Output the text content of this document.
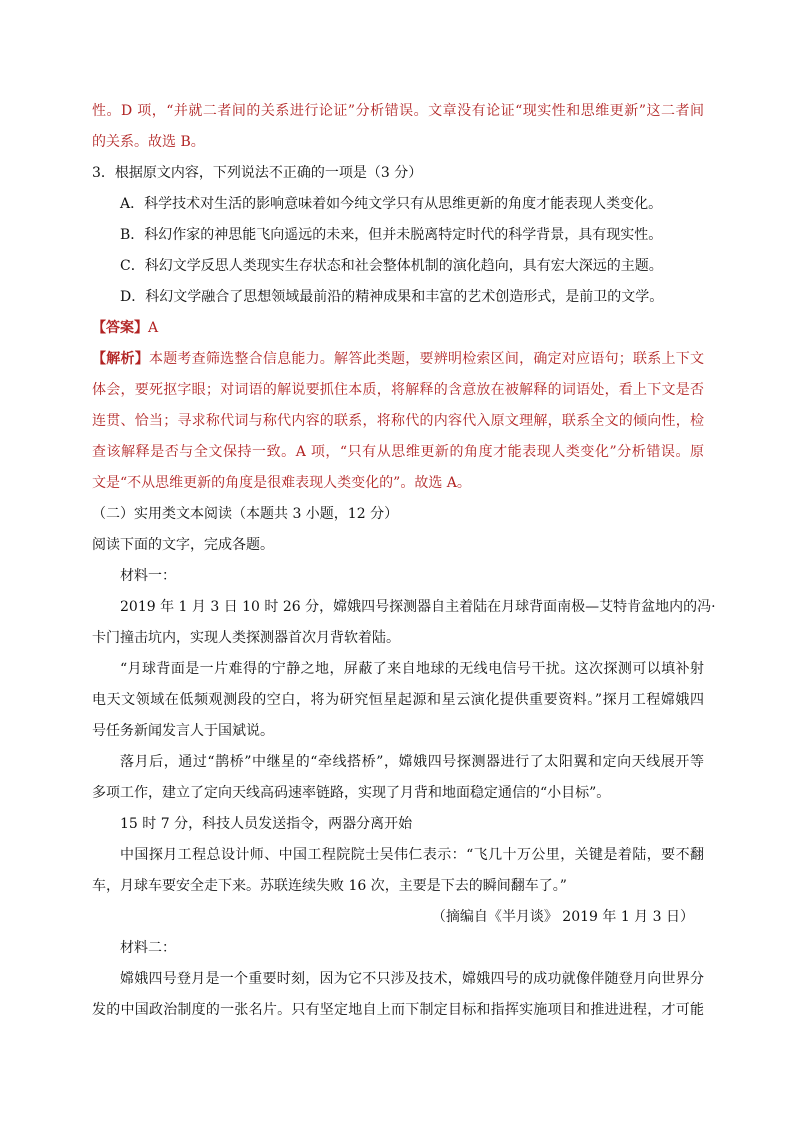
性。D 项，“并就二者间的关系进行论证”分析错误。文章没有论证“现实性和思维更新”这二者间
的关系。故选 B。
3．根据原文内容，下列说法不正确的一项是（3 分）
A．科学技术对生活的影响意味着如今纯文学只有从思维更新的角度才能表现人类变化。
B．科幻作家的神思能飞向遥远的未来，但并未脱离特定时代的科学背景，具有现实性。
C．科幻文学反思人类现实生存状态和社会整体机制的演化趋向，具有宏大深远的主题。
D．科幻文学融合了思想领域最前沿的精神成果和丰富的艺术创造形式，是前卫的文学。
【答案】A
【解析】本题考查筛选整合信息能力。解答此类题，要辨明检索区间，确定对应语句；联系上下文
体会，要死抠字眼；对词语的解说要抓住本质，将解释的含意放在被解释的词语处，看上下文是否
连贯、恰当；寻求称代词与称代内容的联系，将称代的内容代入原文理解，联系全文的倾向性，检
查该解释是否与全文保持一致。A 项，“只有从思维更新的角度才能表现人类变化”分析错误。原
文是“不从思维更新的角度是很难表现人类变化的”。故选 A。
（二）实用类文本阅读（本题共 3 小题，12 分）
阅读下面的文字，完成各题。
材料一：
2019 年 1 月 3 日 10 时 26 分，嫦娥四号探测器自主着陆在月球背面南极—艾特肯盆地内的冯·
卡门撞击坑内，实现人类探测器首次月背软着陆。
“月球背面是一片难得的宁静之地，屏蔽了来自地球的无线电信号干扰。这次探测可以填补射
电天文领域在低频观测段的空白，将为研究恒星起源和星云演化提供重要资料。”探月工程嫦娥四
号任务新闻发言人于国斌说。
落月后，通过“鹊桥”中继星的“牵线搭桥”，嫦娥四号探测器进行了太阳翼和定向天线展开等
多项工作，建立了定向天线高码速率链路，实现了月背和地面稳定通信的“小目标”。
15 时 7 分，科技人员发送指令，两器分离开始
中国探月工程总设计师、中国工程院院士吴伟仁表示：“飞几十万公里，关键是着陆，要不翻
车，月球车要安全走下来。苏联连续失败 16 次，主要是下去的瞬间翻车了。”
（摘编自《半月谈》 2019 年 1 月 3 日）
材料二：
嫦娥四号登月是一个重要时刻，因为它不只涉及技术，嫦娥四号的成功就像伴随登月向世界分
发的中国政治制度的一张名片。只有坚定地自上而下制定目标和指挥实施项目和推进进程，才可能
